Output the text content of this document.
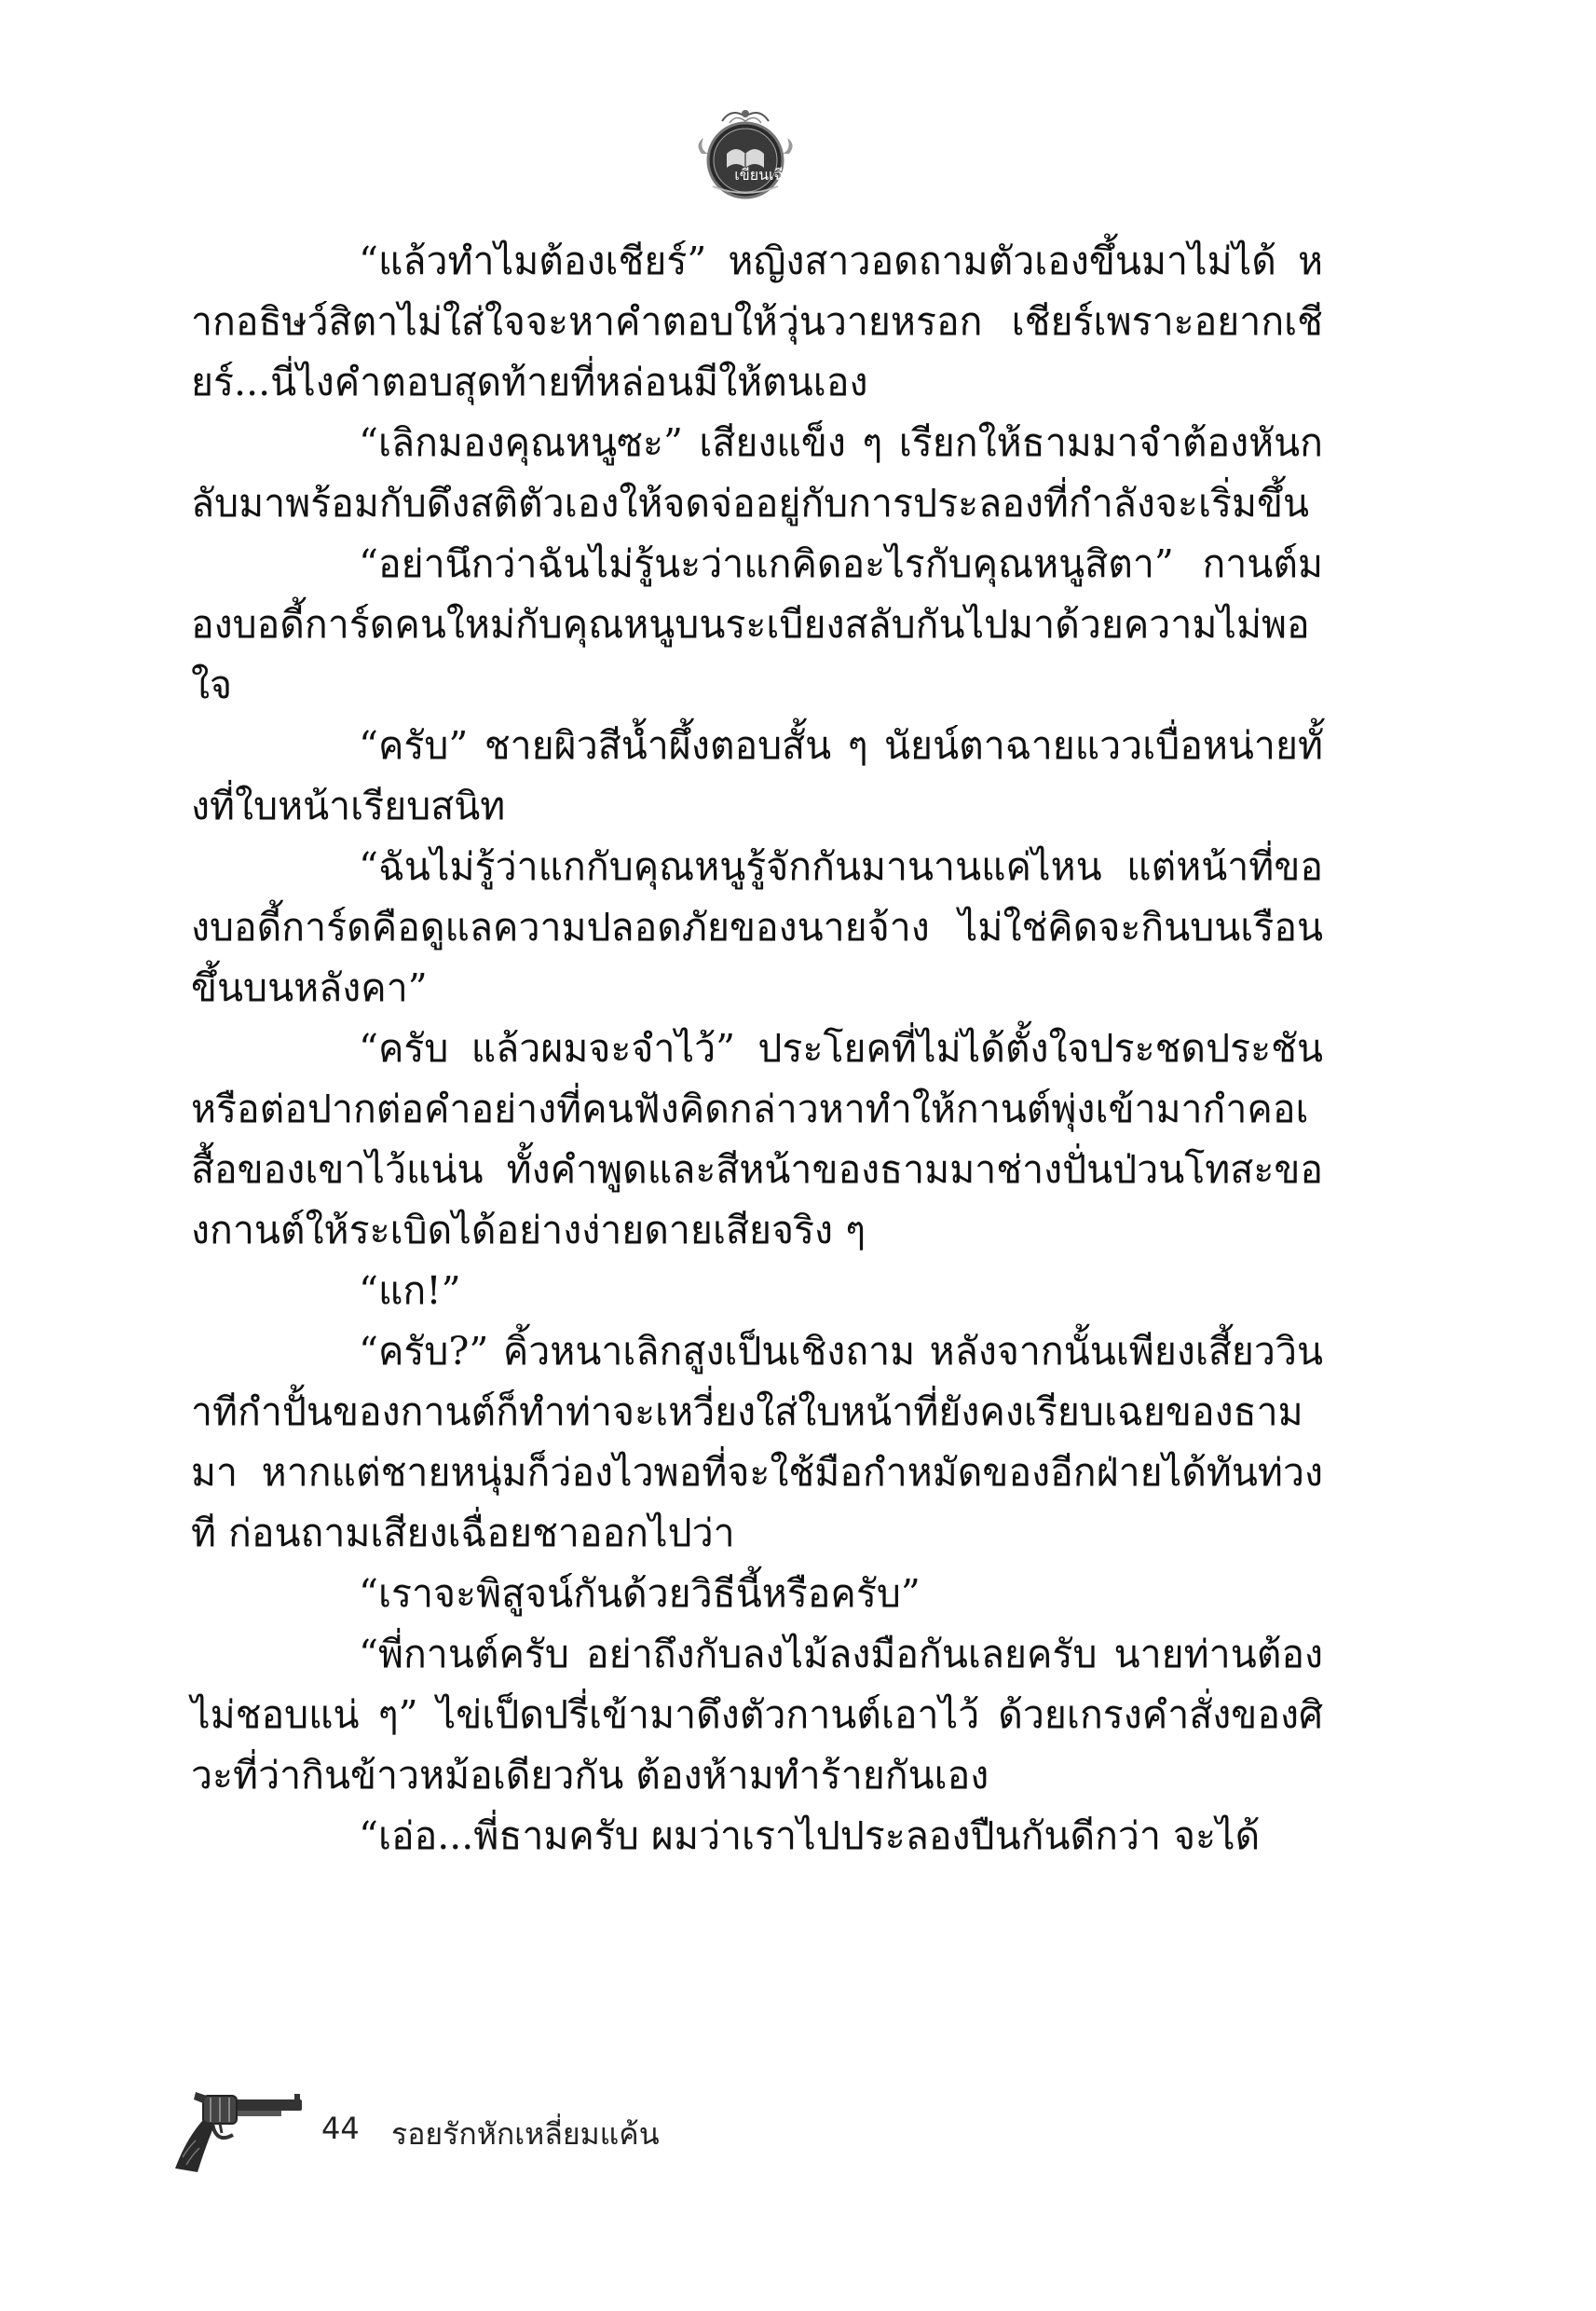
เขียนเฉียน

“แล้วทำไมต้องเชียร์” หญิงสาวอดถามตัวเองขึ้นมาไม่ได้ หากอธิษว์สิตาไม่ใส่ใจจะหาคำตอบให้วุ่นวายหรอก เชียร์เพราะอยากเชียร์...นี่ไงคำตอบสุดท้ายที่หล่อนมีให้ตนเอง

“เลิกมองคุณหนูซะ” เสียงแข็ง ๆ เรียกให้ธามมาจำต้องหันกลับมาพร้อมกับดึงสติตัวเองให้จดจ่ออยู่กับการประลองที่กำลังจะเริ่มขึ้น

“อย่านึกว่าฉันไม่รู้นะว่าแกคิดอะไรกับคุณหนูสิตา” กานต์มองบอดี้การ์ดคนใหม่กับคุณหนูบนระเบียงสลับกันไปมาด้วยความไม่พอใจ

“ครับ” ชายผิวสีน้ำผึ้งตอบสั้น ๆ นัยน์ตาฉายแววเบื่อหน่ายทั้งที่ใบหน้าเรียบสนิท

“ฉันไม่รู้ว่าแกกับคุณหนูรู้จักกันมานานแค่ไหน แต่หน้าที่ของบอดี้การ์ดคือดูแลความปลอดภัยของนายจ้าง ไม่ใช่คิดจะกินบนเรือนขึ้นบนหลังคา”

“ครับ แล้วผมจะจำไว้” ประโยคที่ไม่ได้ตั้งใจประชดประชันหรือต่อปากต่อคำอย่างที่คนฟังคิดกล่าวหาทำให้กานต์พุ่งเข้ามากำคอเสื้อของเขาไว้แน่น ทั้งคำพูดและสีหน้าของธามมาช่างปั่นป่วนโทสะของกานต์ให้ระเบิดได้อย่างง่ายดายเสียจริง ๆ

“แก!”

“ครับ?” คิ้วหนาเลิกสูงเป็นเชิงถาม หลังจากนั้นเพียงเสี้ยววินาทีกำปั้นของกานต์ก็ทำท่าจะเหวี่ยงใส่ใบหน้าที่ยังคงเรียบเฉยของธามมา หากแต่ชายหนุ่มก็ว่องไวพอที่จะใช้มือกำหมัดของอีกฝ่ายได้ทันท่วงที ก่อนถามเสียงเฉื่อยชาออกไปว่า

“เราจะพิสูจน์กันด้วยวิธีนี้หรือครับ”

“พี่กานต์ครับ อย่าถึงกับลงไม้ลงมือกันเลยครับ นายท่านต้องไม่ชอบแน่ ๆ” ไข่เป็ดปรี่เข้ามาดึงตัวกานต์เอาไว้ ด้วยเกรงคำสั่งของศิวะที่ว่ากินข้าวหม้อเดียวกัน ต้องห้ามทำร้ายกันเอง

“เอ่อ...พี่ธามครับ ผมว่าเราไปประลองปืนกันดีกว่า จะได้

44 รอยรักหักเหลี่ยมแค้น
